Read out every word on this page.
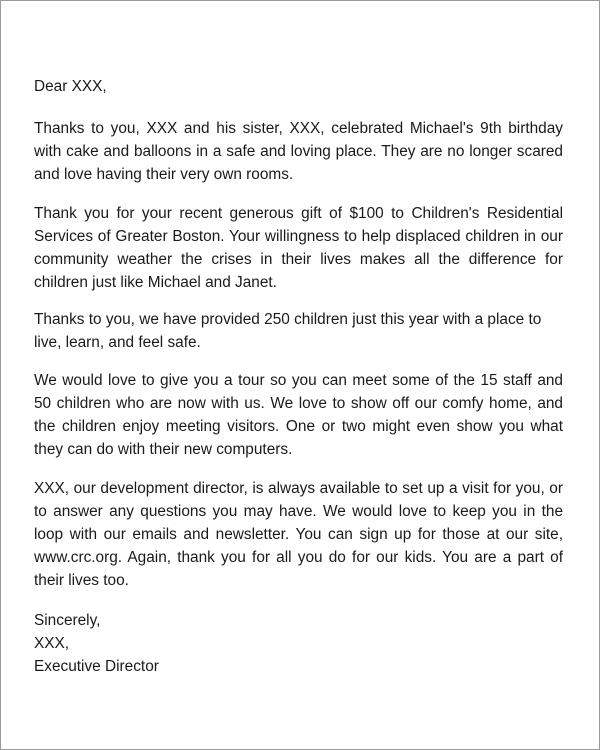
Dear XXX,

Thanks to you, XXX and his sister, XXX, celebrated Michael's 9th birthday with cake and balloons in a safe and loving place. They are no longer scared and love having their very own rooms.

Thank you for your recent generous gift of $100 to Children's Residential Services of Greater Boston. Your willingness to help displaced children in our community weather the crises in their lives makes all the difference for children just like Michael and Janet.

Thanks to you, we have provided 250 children just this year with a place to live, learn, and feel safe.

We would love to give you a tour so you can meet some of the 15 staff and 50 children who are now with us. We love to show off our comfy home, and the children enjoy meeting visitors. One or two might even show you what they can do with their new computers.

XXX, our development director, is always available to set up a visit for you, or to answer any questions you may have. We would love to keep you in the loop with our emails and newsletter. You can sign up for those at our site, www.crc.org. Again, thank you for all you do for our kids. You are a part of their lives too.

Sincerely,
XXX,
Executive Director
